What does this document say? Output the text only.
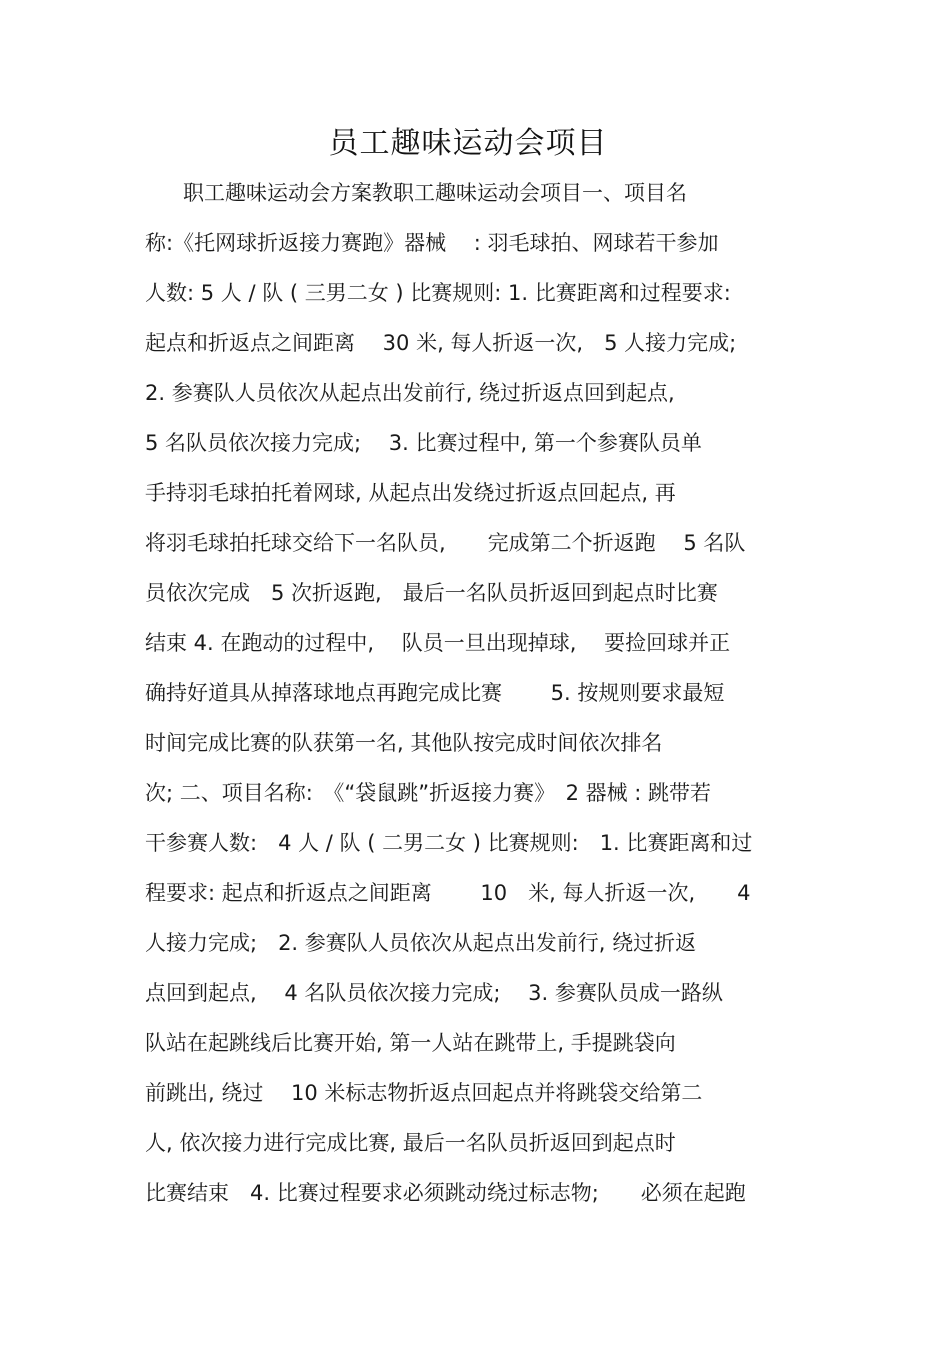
员工趣味运动会项目
职工趣味运动会方案教职工趣味运动会项目一、项目名
称:《托网球折返接力赛跑》器械　 : 羽毛球拍、网球若干参加
人数: 5 人 / 队 ( 三男二女 ) 比赛规则: 1. 比赛距离和过程要求:
起点和折返点之间距离　 30 米, 每人折返一次,　5 人接力完成;
2. 参赛队人员依次从起点出发前行, 绕过折返点回到起点,
5 名队员依次接力完成;　 3. 比赛过程中, 第一个参赛队员单
手持羽毛球拍托着网球, 从起点出发绕过折返点回起点, 再
将羽毛球拍托球交给下一名队员,　　完成第二个折返跑　 5 名队
员依次完成　5 次折返跑,　最后一名队员折返回到起点时比赛
结束 4. 在跑动的过程中,　 队员一旦出现掉球,　 要捡回球并正
确持好道具从掉落球地点再跑完成比赛　　 5. 按规则要求最短
时间完成比赛的队获第一名, 其他队按完成时间依次排名
次; 二、项目名称:　《“袋鼠跳”折返接力赛》　2 器械 : 跳带若
干参赛人数:　4 人 / 队 ( 二男二女 ) 比赛规则:　1. 比赛距离和过
程要求: 起点和折返点之间距离　　 10　米, 每人折返一次,　　4
人接力完成;　2. 参赛队人员依次从起点出发前行, 绕过折返
点回到起点,　 4 名队员依次接力完成;　 3. 参赛队员成一路纵
队站在起跳线后比赛开始, 第一人站在跳带上, 手提跳袋向
前跳出, 绕过　 10 米标志物折返点回起点并将跳袋交给第二
人, 依次接力进行完成比赛, 最后一名队员折返回到起点时
比赛结束　4. 比赛过程要求必须跳动绕过标志物;　　必须在起跑
